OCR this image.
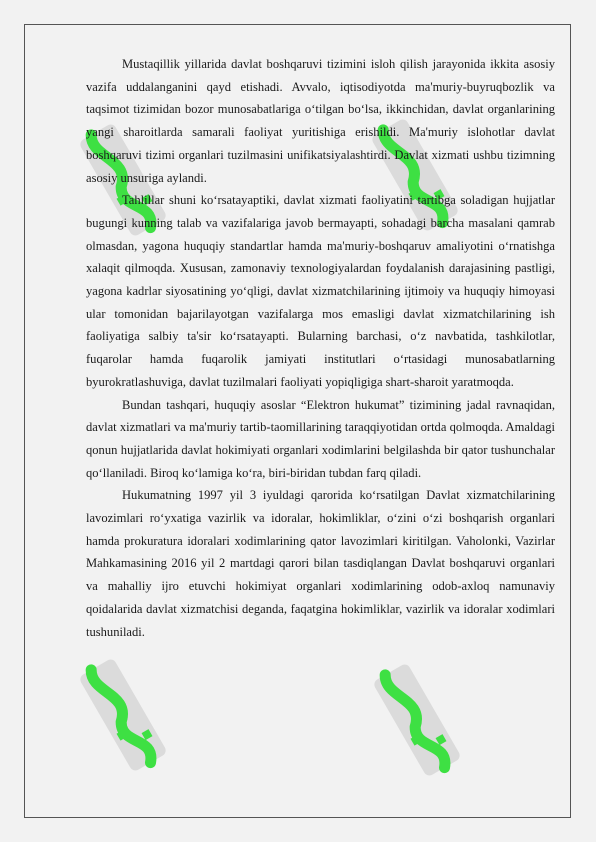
Mustaqillik yillarida davlat boshqaruvi tizimini isloh qilish jarayonida ikkita asosiy vazifa uddalanganini qayd etishadi. Avvalo, iqtisodiyotda ma'muriy-buyruqbozlik va taqsimot tizimidan bozor munosabatlariga o‘tilgan bo‘lsa, ikkinchidan, davlat organlarining yangi sharoitlarda samarali faoliyat yuritishiga erishildi. Ma'muriy islohotlar davlat boshqaruvi tizimi organlari tuzilmasini unifikatsiyalashtirdi. Davlat xizmati ushbu tizimning asosiy unsuriga aylandi.

Tahlillar shuni ko‘rsatayaptiki, davlat xizmati faoliyatini tartibga soladigan hujjatlar bugungi kunning talab va vazifalariga javob bermayapti, sohadagi barcha masalani qamrab olmasdan, yagona huquqiy standartlar hamda ma'muriy-boshqaruv amaliyotini o‘rnatishga xalaqit qilmoqda. Xususan, zamonaviy texnologiyalardan foydalanish darajasining pastligi, yagona kadrlar siyosatining yo‘qligi, davlat xizmatchilarining ijtimoiy va huquqiy himoyasi ular tomonidan bajarilayotgan vazifalarga mos emasligi davlat xizmatchilarining ish faoliyatiga salbiy ta'sir ko‘rsatayapti. Bularning barchasi, o‘z navbatida, tashkilotlar, fuqarolar hamda fuqarolik jamiyati institutlari o‘rtasidagi munosabatlarning byurokratlashuviga, davlat tuzilmalari faoliyati yopiqligiga shart-sharoit yaratmoqda.

Bundan tashqari, huquqiy asoslar “Elektron hukumat” tizimining jadal ravnaqidan, davlat xizmatlari va ma'muriy tartib-taomillarining taraqqiyotidan ortda qolmoqda. Amaldagi qonun hujjatlarida davlat hokimiyati organlari xodimlarini belgilashda bir qator tushunchalar qo‘llaniladi. Biroq ko‘lamiga ko‘ra, biri-biridan tubdan farq qiladi.

Hukumatning 1997 yil 3 iyuldagi qarorida ko‘rsatilgan Davlat xizmatchilarining lavozimlari ro‘yxatiga vazirlik va idoralar, hokimliklar, o‘zini o‘zi boshqarish organlari hamda prokuratura idoralari xodimlarining qator lavozimlari kiritilgan. Vaholonki, Vazirlar Mahkamasining 2016 yil 2 martdagi qarori bilan tasdiqlangan Davlat boshqaruvi organlari va mahalliy ijro etuvchi hokimiyat organlari xodimlarining odob-axloq namunaviy qoidalarida davlat xizmatchisi deganda, faqatgina hokimliklar, vazirlik va idoralar xodimlari tushuniladi.
